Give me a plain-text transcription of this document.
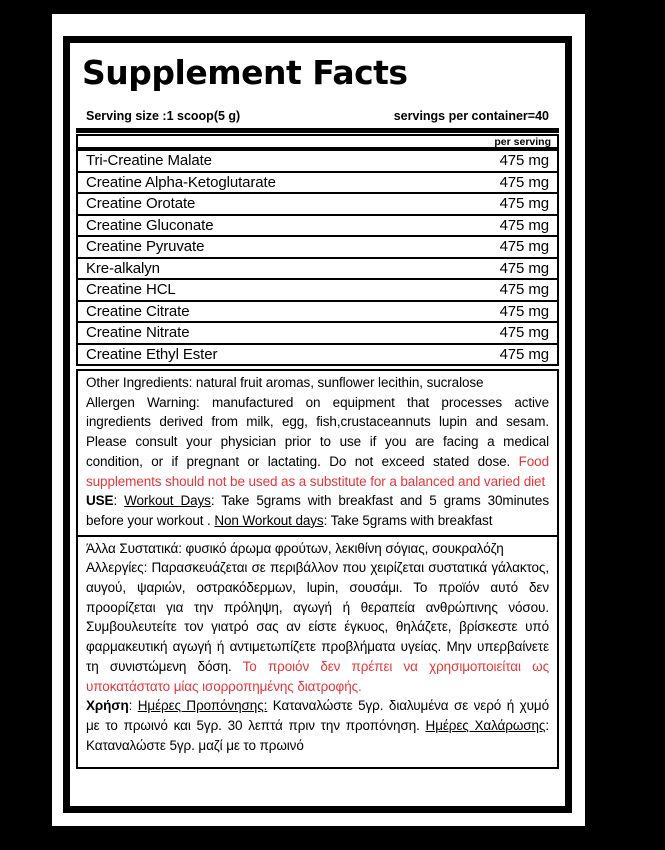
Supplement Facts
Serving size :1 scoop(5 g)	servings per container=40
per serving
Tri-Creatine Malate	475 mg
Creatine Alpha-Ketoglutarate	475 mg
Creatine Orotate	475 mg
Creatine Gluconate	475 mg
Creatine Pyruvate	475 mg
Kre-alkalyn	475 mg
Creatine HCL	475 mg
Creatine Citrate	475 mg
Creatine Nitrate	475 mg
Creatine Ethyl Ester	475 mg
Other Ingredients: natural fruit aromas, sunflower lecithin, sucralose
Allergen Warning: manufactured on equipment that processes active ingredients derived from milk, egg, fish,crustaceannuts lupin and sesam. Please consult your physician prior to use if you are facing a medical condition, or if pregnant or lactating. Do not exceed stated dose. Food supplements should not be used as a substitute for a balanced and varied diet
USE: Workout Days: Take 5grams with breakfast and 5 grams 30minutes before your workout . Non Workout days: Take 5grams with breakfast
Άλλα Συστατικά: φυσικό άρωμα φρούτων, λεκιθίνη σόγιας, σουκραλόζη
Αλλεργίες: Παρασκευάζεται σε περιβάλλον που χειρίζεται συστατικά γάλακτος, αυγού, ψαριών, οστρακόδερμων, lupin, σουσάμι. Το προϊόν αυτό δεν προορίζεται για την πρόληψη, αγωγή ή θεραπεία ανθρώπινης νόσου. Συμβουλευτείτε τον γιατρό σας αν είστε έγκυος, θηλάζετε, βρίσκεστε υπό φαρμακευτική αγωγή ή αντιμετωπίζετε προβλήματα υγείας. Μην υπερβαίνετε τη συνιστώμενη δόση. Το προιόν δεν πρέπει να χρησιμοποιείται ως υποκατάστατο μίας ισορροπημένης διατροφής.
Χρήση: Ημέρες Προπόνησης: Καταναλώστε 5γρ. διαλυμένα σε νερό ή χυμό με το πρωινό και 5γρ. 30 λεπτά πριν την προπόνηση. Ημέρες Χαλάρωσης: Καταναλώστε 5γρ. μαζί με το πρωινό
